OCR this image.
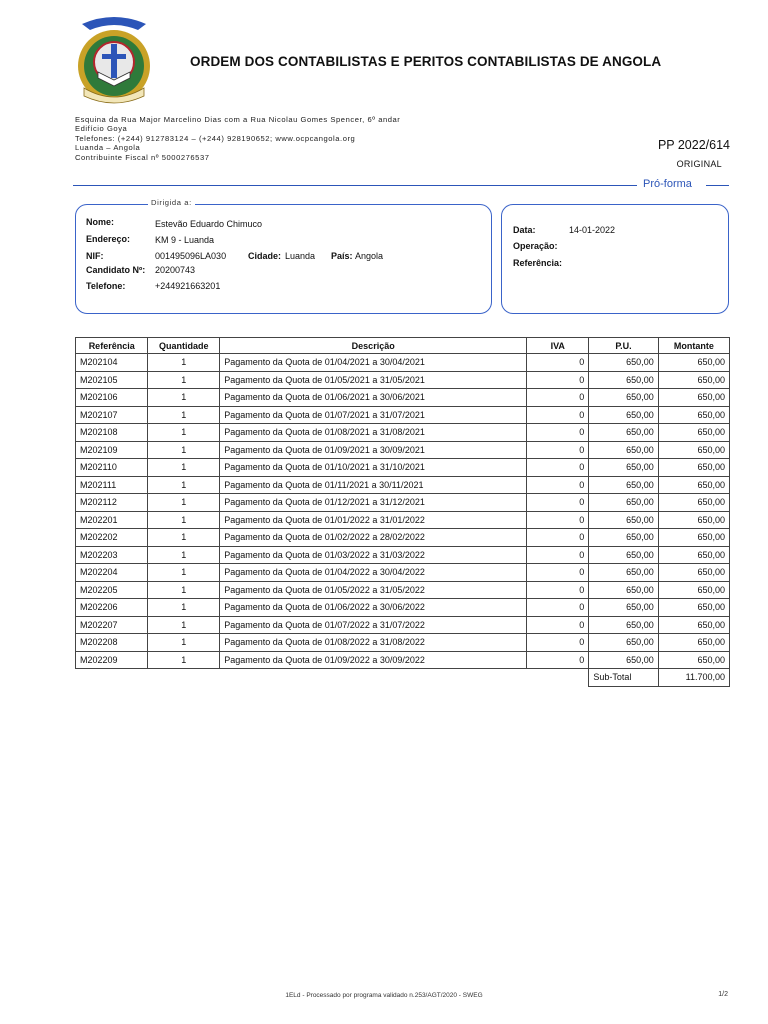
ORDEM DOS CONTABILISTAS E PERITOS CONTABILISTAS DE ANGOLA
Esquina da Rua Major Marcelino Dias com a Rua Nicolau Gomes Spencer, 6º andar
Edifício Goya
Telefones: (+244) 912783124 – (+244) 928190652; www.ocpcangola.org
Luanda – Angola
Contribuinte Fiscal nº 5000276537
PP 2022/614
ORIGINAL
Pró-forma
Dirigida a:
Nome:	Estevão Eduardo Chimuco
Endereço:	KM 9 - Luanda
NIF:	001495096LA030 Cidade: Luanda País: Angola
Candidato Nº: 20200743
Telefone:	+244921663201
Data:	14-01-2022
Operação:
Referência:
Referência	Quantidade	Descrição	IVA	P.U.	Montante
M202104	1	Pagamento da Quota de 01/04/2021 a 30/04/2021	0	650,00	650,00
M202105	1	Pagamento da Quota de 01/05/2021 a 31/05/2021	0	650,00	650,00
M202106	1	Pagamento da Quota de 01/06/2021 a 30/06/2021	0	650,00	650,00
M202107	1	Pagamento da Quota de 01/07/2021 a 31/07/2021	0	650,00	650,00
M202108	1	Pagamento da Quota de 01/08/2021 a 31/08/2021	0	650,00	650,00
M202109	1	Pagamento da Quota de 01/09/2021 a 30/09/2021	0	650,00	650,00
M202110	1	Pagamento da Quota de 01/10/2021 a 31/10/2021	0	650,00	650,00
M202111	1	Pagamento da Quota de 01/11/2021 a 30/11/2021	0	650,00	650,00
M202112	1	Pagamento da Quota de 01/12/2021 a 31/12/2021	0	650,00	650,00
M202201	1	Pagamento da Quota de 01/01/2022 a 31/01/2022	0	650,00	650,00
M202202	1	Pagamento da Quota de 01/02/2022 a 28/02/2022	0	650,00	650,00
M202203	1	Pagamento da Quota de 01/03/2022 a 31/03/2022	0	650,00	650,00
M202204	1	Pagamento da Quota de 01/04/2022 a 30/04/2022	0	650,00	650,00
M202205	1	Pagamento da Quota de 01/05/2022 a 31/05/2022	0	650,00	650,00
M202206	1	Pagamento da Quota de 01/06/2022 a 30/06/2022	0	650,00	650,00
M202207	1	Pagamento da Quota de 01/07/2022 a 31/07/2022	0	650,00	650,00
M202208	1	Pagamento da Quota de 01/08/2022 a 31/08/2022	0	650,00	650,00
M202209	1	Pagamento da Quota de 01/09/2022 a 30/09/2022	0	650,00	650,00
				Sub-Total	11.700,00
1ELd - Processado por programa validado n.253/AGT/2020 - SWEG	1/2
